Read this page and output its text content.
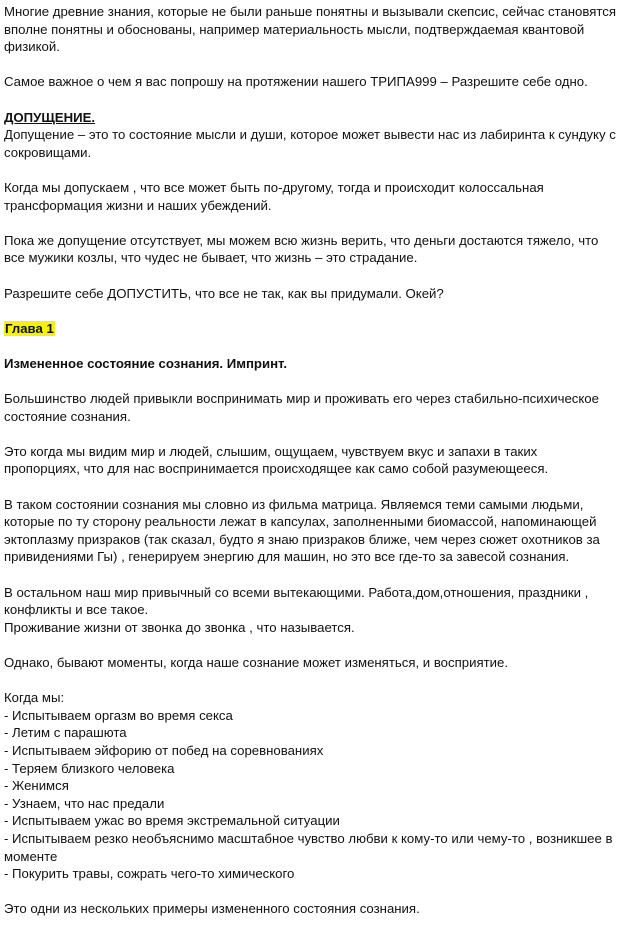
Многие древние знания, которые не были раньше понятны и вызывали скепсис, сейчас становятся
вполне понятны и обоснованы, например материальность мысли, подтверждаемая квантовой
физикой.
Самое важное о чем я вас попрошу на протяжении нашего ТРИПА999 – Разрешите себе одно.
ДОПУЩЕНИЕ.
Допущение – это то состояние мысли и души, которое может вывести нас из лабиринта к сундуку с
сокровищами.
Когда мы допускаем , что все может быть по-другому, тогда и происходит колоссальная
трансформация жизни и наших убеждений.
Пока же допущение отсутствует, мы можем всю жизнь верить, что деньги достаются тяжело, что
все мужики козлы, что чудес не бывает, что жизнь – это страдание.
Разрешите себе ДОПУСТИТЬ, что все не так, как вы придумали. Окей?
Глава 1
Измененное состояние сознания. Импринт.
Большинство людей привыкли воспринимать мир и проживать его через стабильно-психическое
состояние сознания.
Это когда мы видим мир и людей, слышим, ощущаем, чувствуем вкус и запахи в таких
пропорциях, что для нас воспринимается происходящее как само собой разумеющееся.
В таком состоянии сознания мы словно из фильма матрица. Являемся теми самыми людьми,
которые по ту сторону реальности лежат в капсулах, заполненными биомассой, напоминающей
эктоплазму призраков (так сказал, будто я знаю призраков ближе, чем через сюжет охотников за
привидениями Гы) , генерируем энергию для машин, но это все где-то за завесой сознания.
В остальном наш мир привычный со всеми вытекающими. Работа,дом,отношения, праздники ,
конфликты и все такое.
Проживание жизни от звонка до звонка , что называется.
Однако, бывают моменты, когда наше сознание может изменяться, и восприятие.
Когда мы:
- Испытываем оргазм во время секса
- Летим с парашюта
- Испытываем эйфорию от побед на соревнованиях
- Теряем близкого человека
- Женимся
- Узнаем, что нас предали
- Испытываем ужас во время экстремальной ситуации
- Испытываем резко необъяснимо масштабное чувство любви к кому-то или чему-то , возникшее в
моменте
- Покурить травы, сожрать чего-то химического
Это одни из нескольких примеры измененного состояния сознания.
